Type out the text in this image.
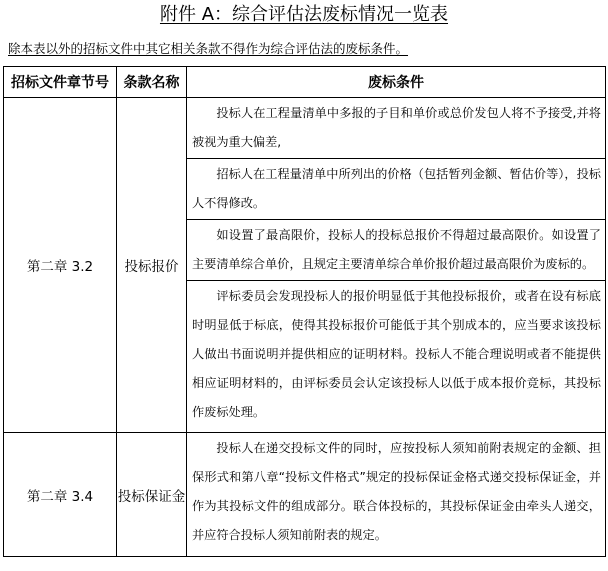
附件 A：综合评估法废标情况一览表
除本表以外的招标文件中其它相关条款不得作为综合评估法的废标条件。
招标文件章节号	条款名称	废标条件
第二章 3.2	投标报价	投标人在工程量清单中多报的子目和单价或总价发包人将不予接受,并将被视为重大偏差,
		招标人在工程量清单中所列出的价格（包括暂列金额、暂估价等），投标人不得修改。
		如设置了最高限价，投标人的投标总报价不得超过最高限价。如设置了主要清单综合单价，且规定主要清单综合单价报价超过最高限价为废标的。
		评标委员会发现投标人的报价明显低于其他投标报价，或者在设有标底时明显低于标底，使得其投标报价可能低于其个别成本的，应当要求该投标人做出书面说明并提供相应的证明材料。投标人不能合理说明或者不能提供相应证明材料的，由评标委员会认定该投标人以低于成本报价竞标，其投标作废标处理。
第二章 3.4	投标保证金	投标人在递交投标文件的同时，应按投标人须知前附表规定的金额、担保形式和第八章“投标文件格式”规定的投标保证金格式递交投标保证金，并作为其投标文件的组成部分。联合体投标的，其投标保证金由牵头人递交，并应符合投标人须知前附表的规定。
